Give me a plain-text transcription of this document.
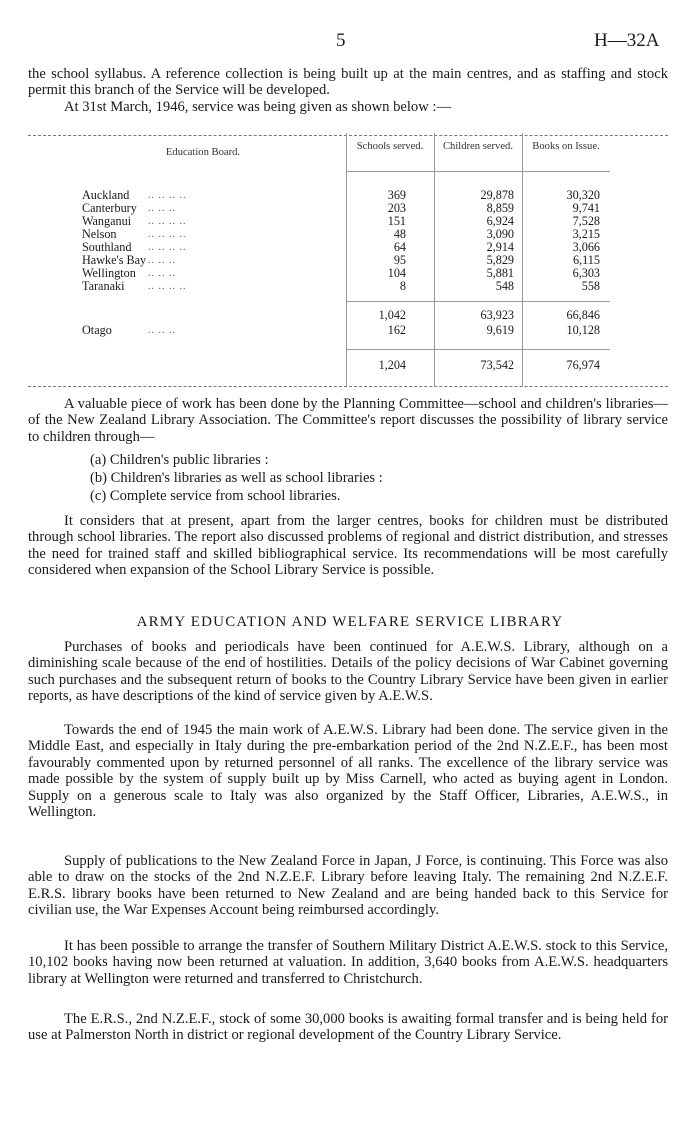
5	H—32A

the school syllabus. A reference collection is being built up at the main centres, and as staffing and stock permit this branch of the Service will be developed.

At 31st March, 1946, service was being given as shown below :—

Education Board.
Schools served.	Children served.	Books on Issue.
Auckland .. .. .. ..	369	29,878	30,320
Canterbury .. .. ..	203	8,859	9,741
Wanganui .. .. .. ..	151	6,924	7,528
Nelson	.. .. .. ..	48	3,090	3,215
Southland .. .. .. ..	64	2,914	3,066
Hawke's Bay .. .. ..	95	5,829	6,115
Wellington .. .. ..	104	5,881	6,303
Taranaki .. .. .. ..	8	548	558
1,042	63,923	66,846
Otago	.. .. ..	162	9,619	10,128
1,204	73,542	76,974

A valuable piece of work has been done by the Planning Committee—school and children's libraries—of the New Zealand Library Association. The Committee's report discusses the possibility of library service to children through—

(a) Children's public libraries :
(b) Children's libraries as well as school libraries :
(c) Complete service from school libraries.

It considers that at present, apart from the larger centres, books for children must be distributed through school libraries. The report also discussed problems of regional and district distribution, and stresses the need for trained staff and skilled bibliographical service. Its recommendations will be most carefully considered when expansion of the School Library Service is possible.

ARMY EDUCATION AND WELFARE SERVICE LIBRARY

Purchases of books and periodicals have been continued for A.E.W.S. Library, although on a diminishing scale because of the end of hostilities. Details of the policy decisions of War Cabinet governing such purchases and the subsequent return of books to the Country Library Service have been given in earlier reports, as have descriptions of the kind of service given by A.E.W.S.

Towards the end of 1945 the main work of A.E.W.S. Library had been done. The service given in the Middle East, and especially in Italy during the pre-embarkation period of the 2nd N.Z.E.F., has been most favourably commented upon by returned personnel of all ranks. The excellence of the library service was made possible by the system of supply built up by Miss Carnell, who acted as buying agent in London. Supply on a generous scale to Italy was also organized by the Staff Officer, Libraries, A.E.W.S., in Wellington.

Supply of publications to the New Zealand Force in Japan, J Force, is continuing. This Force was also able to draw on the stocks of the 2nd N.Z.E.F. Library before leaving Italy. The remaining 2nd N.Z.E.F. E.R.S. library books have been returned to New Zealand and are being handed back to this Service for civilian use, the War Expenses Account being reimbursed accordingly.

It has been possible to arrange the transfer of Southern Military District A.E.W.S. stock to this Service, 10,102 books having now been returned at valuation. In addition, 3,640 books from A.E.W.S. headquarters library at Wellington were returned and transferred to Christchurch.

The E.R.S., 2nd N.Z.E.F., stock of some 30,000 books is awaiting formal transfer and is being held for use at Palmerston North in district or regional development of the Country Library Service.
